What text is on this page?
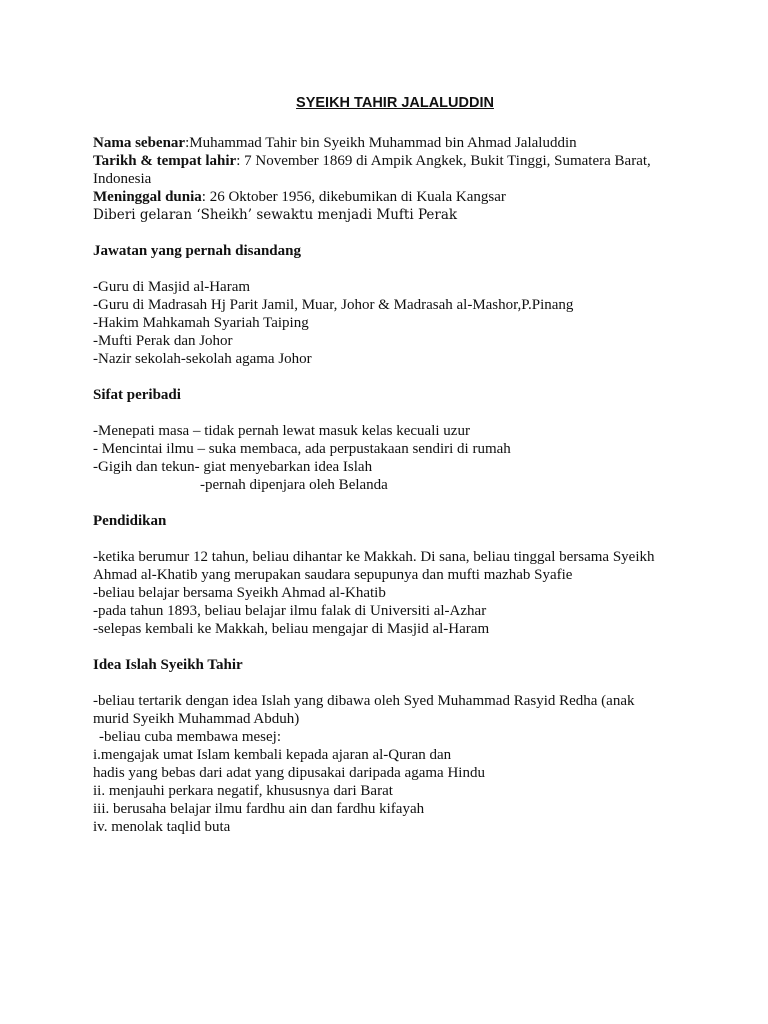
SYEIKH TAHIR JALALUDDIN

Nama sebenar:Muhammad Tahir bin Syeikh Muhammad bin Ahmad Jalaluddin

Tarikh & tempat lahir: 7 November 1869 di Ampik Angkek, Bukit Tinggi, Sumatera Barat,

Indonesia

Meninggal dunia: 26 Oktober 1956, dikebumikan di Kuala Kangsar

Diberi gelaran ‘Sheikh’ sewaktu menjadi Mufti Perak

Jawatan yang pernah disandang

-Guru di Masjid al-Haram

-Guru di Madrasah Hj Parit Jamil, Muar, Johor & Madrasah al-Mashor,P.Pinang

-Hakim Mahkamah Syariah Taiping

-Mufti Perak dan Johor

-Nazir sekolah-sekolah agama Johor

Sifat peribadi

-Menepati masa – tidak pernah lewat masuk kelas kecuali uzur

- Mencintai ilmu – suka membaca, ada perpustakaan sendiri di rumah

-Gigih dan tekun- giat menyebarkan idea Islah

-pernah dipenjara oleh Belanda

Pendidikan

-ketika berumur 12 tahun, beliau dihantar ke Makkah. Di sana, beliau tinggal bersama Syeikh

Ahmad al-Khatib yang merupakan saudara sepupunya dan mufti mazhab Syafie

-beliau belajar bersama Syeikh Ahmad al-Khatib

-pada tahun 1893, beliau belajar ilmu falak di Universiti al-Azhar

-selepas kembali ke Makkah, beliau mengajar di Masjid al-Haram

Idea Islah Syeikh Tahir

-beliau tertarik dengan idea Islah yang dibawa oleh Syed Muhammad Rasyid Redha (anak

murid Syeikh Muhammad Abduh)

-beliau cuba membawa mesej:

i.mengajak umat Islam kembali kepada ajaran al-Quran dan

hadis yang bebas dari adat yang dipusakai daripada agama Hindu

ii. menjauhi perkara negatif, khususnya dari Barat

iii. berusaha belajar ilmu fardhu ain dan fardhu kifayah

iv. menolak taqlid buta
